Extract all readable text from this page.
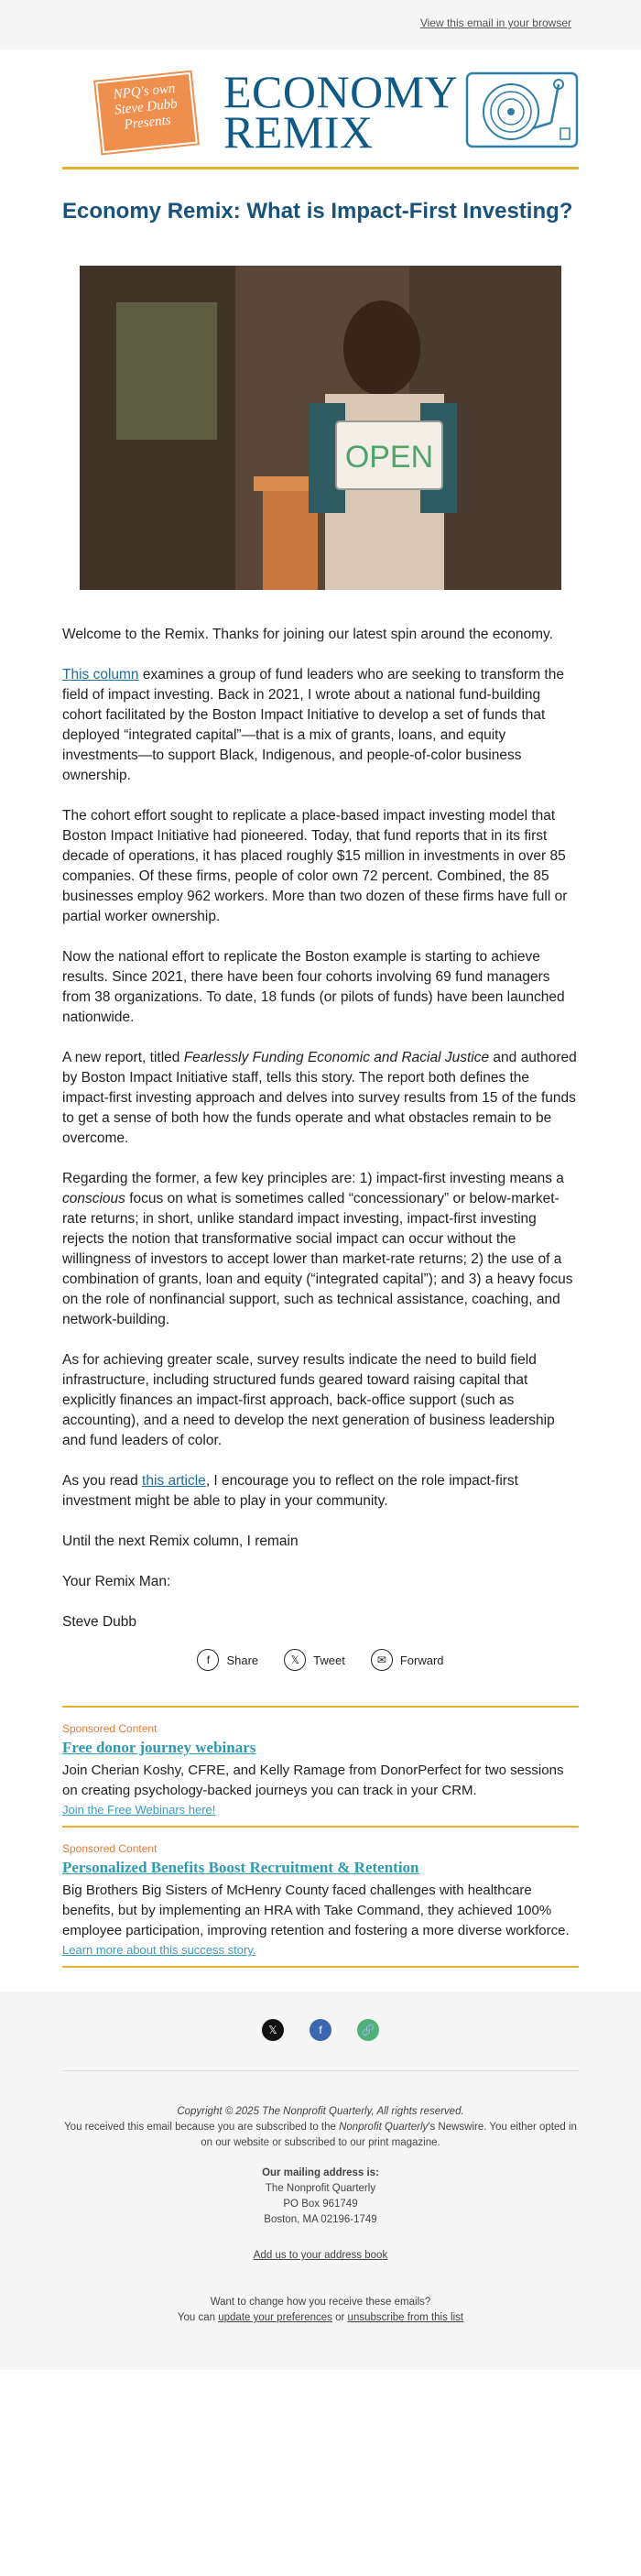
View this email in your browser
NPQ's own
Steve Dubb
Presents
ECONOMY
REMIX
Economy Remix: What is Impact-First Investing?
OPEN

Welcome to the Remix. Thanks for joining our latest spin around the economy.

This column examines a group of fund leaders who are seeking to transform the field of impact investing. Back in 2021, I wrote about a national fund-building cohort facilitated by the Boston Impact Initiative to develop a set of funds that deployed “integrated capital”—that is a mix of grants, loans, and equity investments—to support Black, Indigenous, and people-of-color business ownership.

The cohort effort sought to replicate a place-based impact investing model that Boston Impact Initiative had pioneered. Today, that fund reports that in its first decade of operations, it has placed roughly $15 million in investments in over 85 companies. Of these firms, people of color own 72 percent. Combined, the 85 businesses employ 962 workers. More than two dozen of these firms have full or partial worker ownership.

Now the national effort to replicate the Boston example is starting to achieve results. Since 2021, there have been four cohorts involving 69 fund managers from 38 organizations. To date, 18 funds (or pilots of funds) have been launched nationwide.

A new report, titled Fearlessly Funding Economic and Racial Justice and authored by Boston Impact Initiative staff, tells this story. The report both defines the impact-first investing approach and delves into survey results from 15 of the funds to get a sense of both how the funds operate and what obstacles remain to be overcome.

Regarding the former, a few key principles are: 1) impact-first investing means a conscious focus on what is sometimes called “concessionary” or below-market-rate returns; in short, unlike standard impact investing, impact-first investing rejects the notion that transformative social impact can occur without the willingness of investors to accept lower than market-rate returns; 2) the use of a combination of grants, loan and equity (“integrated capital”); and 3) a heavy focus on the role of nonfinancial support, such as technical assistance, coaching, and network-building.

As for achieving greater scale, survey results indicate the need to build field infrastructure, including structured funds geared toward raising capital that explicitly finances an impact-first approach, back-office support (such as accounting), and a need to develop the next generation of business leadership and fund leaders of color.

As you read this article, I encourage you to reflect on the role impact-first investment might be able to play in your community.

Until the next Remix column, I remain

Your Remix Man:

Steve Dubb

f	Share	𝕏	Tweet	✉	Forward
Sponsored Content
Free donor journey webinars
Join Cherian Koshy, CFRE, and Kelly Ramage from DonorPerfect for two sessions on creating psychology-backed journeys you can track in your CRM.
Join the Free Webinars here!
Sponsored Content
Personalized Benefits Boost Recruitment & Retention
Big Brothers Big Sisters of McHenry County faced challenges with healthcare benefits, but by implementing an HRA with Take Command, they achieved 100% employee participation, improving retention and fostering a more diverse workforce.
Learn more about this success story.
𝕏	f	🔗
Copyright © 2025 The Nonprofit Quarterly, All rights reserved.
You received this email because you are subscribed to the Nonprofit Quarterly's Newswire. You either opted in on our website or subscribed to our print magazine.
Our mailing address is:
The Nonprofit Quarterly
PO Box 961749
Boston, MA 02196-1749
Add us to your address book
Want to change how you receive these emails?
You can update your preferences or unsubscribe from this list
